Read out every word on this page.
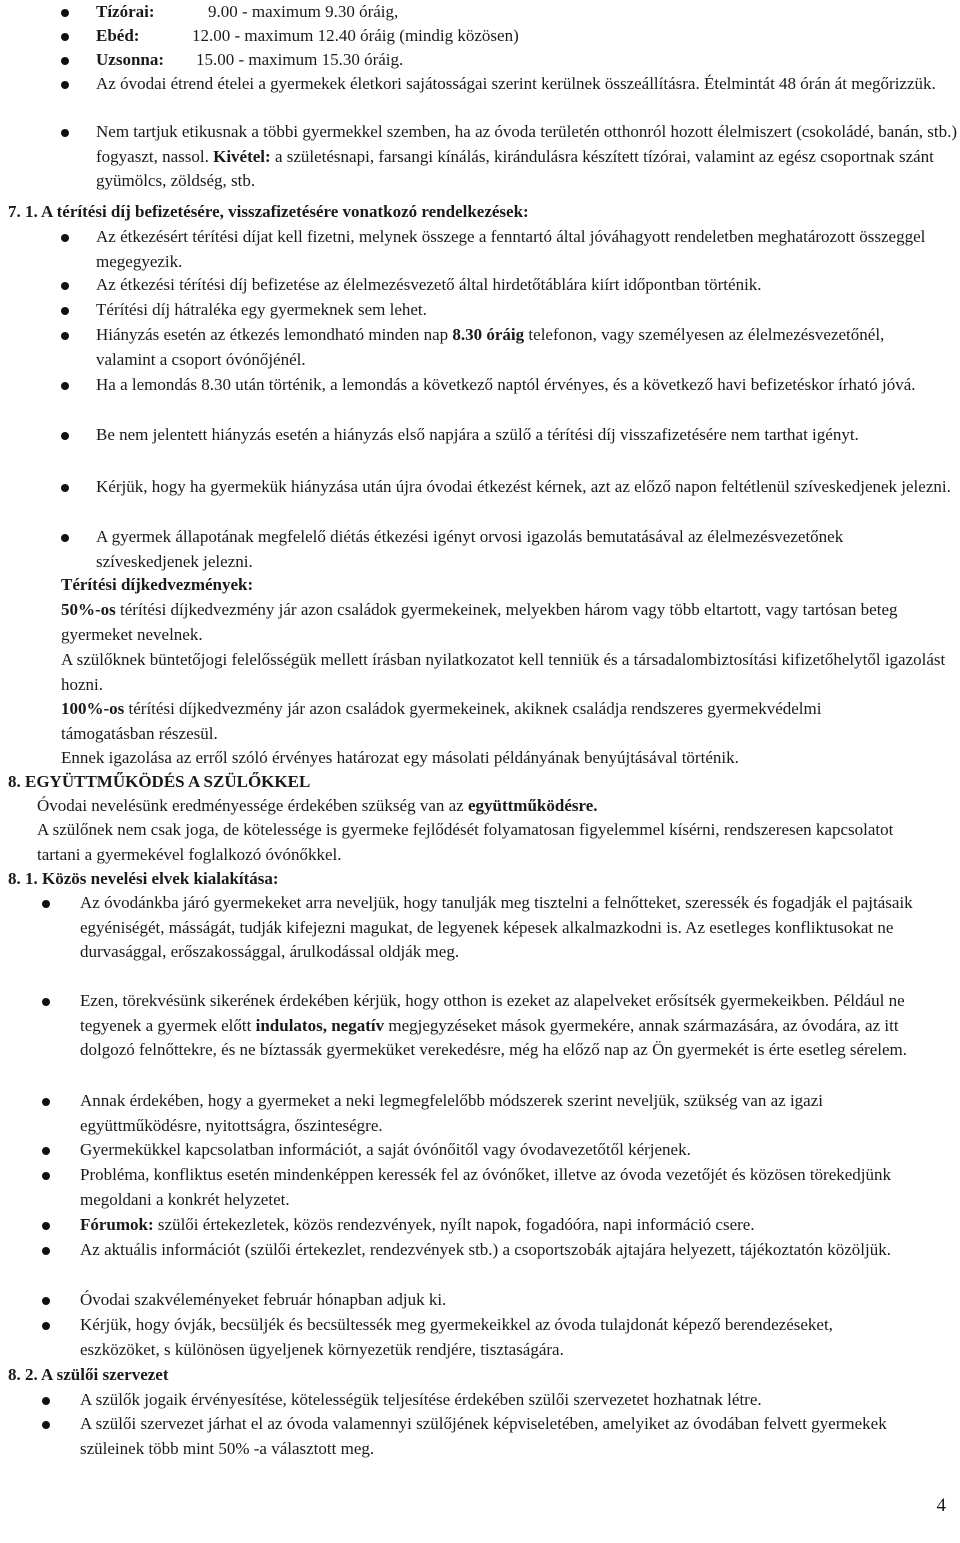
Tízórai:	9.00 - maximum 9.30 óráig,
Ebéd:	12.00 - maximum 12.40 óráig (mindig közösen)
Uzsonna: 15.00 - maximum 15.30 óráig.
Az óvodai étrend ételei a gyermekek életkori sajátosságai szerint kerülnek összeállításra. Ételmintát 48 órán át megőrizzük.
Nem tartjuk etikusnak a többi gyermekkel szemben, ha az óvoda területén otthonról hozott élelmiszert (csokoládé, banán, stb.) fogyaszt, nassol. Kivétel: a születésnapi, farsangi kínálás, kirándulásra készített tízórai, valamint az egész csoportnak szánt gyümölcs, zöldség, stb.
7. 1. A térítési díj befizetésére, visszafizetésére vonatkozó rendelkezések:
Az étkezésért térítési díjat kell fizetni, melynek összege a fenntartó által jóváhagyott rendeletben meghatározott összeggel megegyezik.
Az étkezési térítési díj befizetése az élelmezésvezető által hirdetőtáblára kiírt időpontban történik.
Térítési díj hátraléka egy gyermeknek sem lehet.
Hiányzás esetén az étkezés lemondható minden nap 8.30 óráig telefonon, vagy személyesen az élelmezésvezetőnél, valamint a csoport óvónőjénél.
Ha a lemondás 8.30 után történik, a lemondás a következő naptól érvényes, és a következő havi befizetéskor írható jóvá.
Be nem jelentett hiányzás esetén a hiányzás első napjára a szülő a térítési díj visszafizetésére nem tarthat igényt.
Kérjük, hogy ha gyermekük hiányzása után újra óvodai étkezést kérnek, azt az előző napon feltétlenül szíveskedjenek jelezni.
A gyermek állapotának megfelelő diétás étkezési igényt orvosi igazolás bemutatásával az élelmezésvezetőnek szíveskedjenek jelezni.
Térítési díjkedvezmények:
50%-os térítési díjkedvezmény jár azon családok gyermekeinek, melyekben három vagy több eltartott, vagy tartósan beteg gyermeket nevelnek.
A szülőknek büntetőjogi felelősségük mellett írásban nyilatkozatot kell tenniük és a társadalombiztosítási kifizetőhelytől igazolást hozni.
100%-os térítési díjkedvezmény jár azon családok gyermekeinek, akiknek családja rendszeres gyermekvédelmi támogatásban részesül.
Ennek igazolása az erről szóló érvényes határozat egy másolati példányának benyújtásával történik.
8. EGYÜTTMŰKÖDÉS A SZÜLŐKKEL
Óvodai nevelésünk eredményessége érdekében szükség van az együttműködésre.
A szülőnek nem csak joga, de kötelessége is gyermeke fejlődését folyamatosan figyelemmel kísérni, rendszeresen kapcsolatot tartani a gyermekével foglalkozó óvónőkkel.
8. 1. Közös nevelési elvek kialakítása:
Az óvodánkba járó gyermekeket arra neveljük, hogy tanulják meg tisztelni a felnőtteket, szeressék és fogadják el pajtásaik egyéniségét, másságát, tudják kifejezni magukat, de legyenek képesek alkalmazkodni is. Az esetleges konfliktusokat ne durvasággal, erőszakossággal, árulkodással oldják meg.
Ezen, törekvésünk sikerének érdekében kérjük, hogy otthon is ezeket az alapelveket erősítsék gyermekeikben. Például ne tegyenek a gyermek előtt indulatos, negatív megjegyzéseket mások gyermekére, annak származására, az óvodára, az itt dolgozó felnőttekre, és ne bíztassák gyermeküket verekedésre, még ha előző nap az Ön gyermekét is érte esetleg sérelem.
Annak érdekében, hogy a gyermeket a neki legmegfelelőbb módszerek szerint neveljük, szükség van az igazi együttműködésre, nyitottságra, őszinteségre.
Gyermekükkel kapcsolatban információt, a saját óvónőitől vagy óvodavezetőtől kérjenek.
Probléma, konfliktus esetén mindenképpen keressék fel az óvónőket, illetve az óvoda vezetőjét és közösen törekedjünk megoldani a konkrét helyzetet.
Fórumok: szülői értekezletek, közös rendezvények, nyílt napok, fogadóóra, napi információ csere.
Az aktuális információt (szülői értekezlet, rendezvények stb.) a csoportszobák ajtajára helyezett, tájékoztatón közöljük.
Óvodai szakvéleményeket február hónapban adjuk ki.
Kérjük, hogy óvják, becsüljék és becsültessék meg gyermekeikkel az óvoda tulajdonát képező berendezéseket, eszközöket, s különösen ügyeljenek környezetük rendjére, tisztaságára.
8. 2. A szülői szervezet
A szülők jogaik érvényesítése, kötelességük teljesítése érdekében szülői szervezetet hozhatnak létre.
A szülői szervezet járhat el az óvoda valamennyi szülőjének képviseletében, amelyiket az óvodában felvett gyermekek szüleinek több mint 50% -a választott meg.
4
